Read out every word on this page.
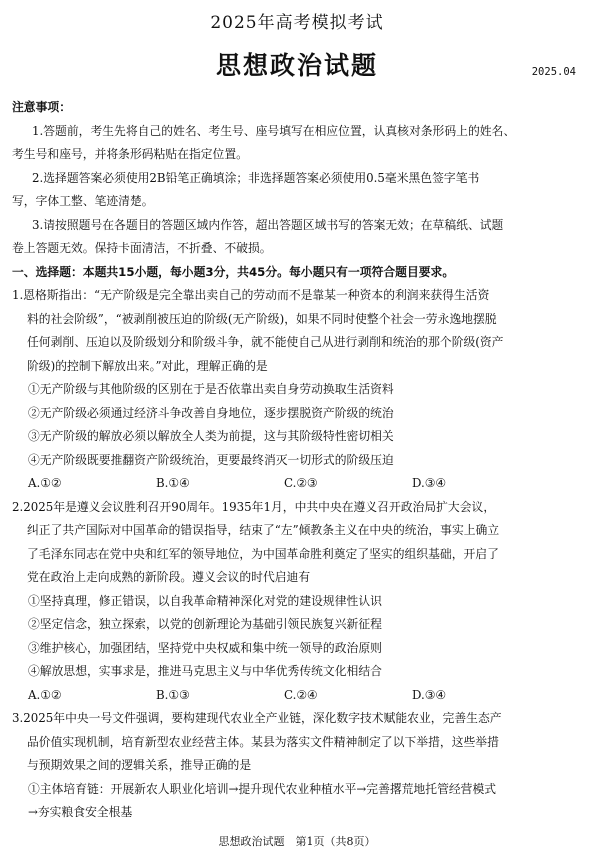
2025年高考模拟考试
思想政治试题	2025.04
注意事项：
1.答题前，考生先将自己的姓名、考生号、座号填写在相应位置，认真核对条形码上的姓名、
考生号和座号，并将条形码粘贴在指定位置。
2.选择题答案必须使用2B铅笔正确填涂；非选择题答案必须使用0.5毫米黑色签字笔书
写，字体工整、笔迹清楚。
3.请按照题号在各题目的答题区域内作答，超出答题区域书写的答案无效；在草稿纸、试题
卷上答题无效。保持卡面清洁，不折叠、不破损。
一、选择题：本题共15小题，每小题3分，共45分。每小题只有一项符合题目要求。
1.恩格斯指出：“无产阶级是完全靠出卖自己的劳动而不是靠某一种资本的利润来获得生活资
料的社会阶级”，“被剥削被压迫的阶级(无产阶级)，如果不同时使整个社会一劳永逸地摆脱
任何剥削、压迫以及阶级划分和阶级斗争，就不能使自己从进行剥削和统治的那个阶级(资产
阶级)的控制下解放出来。”对此，理解正确的是
①无产阶级与其他阶级的区别在于是否依靠出卖自身劳动换取生活资料
②无产阶级必须通过经济斗争改善自身地位，逐步摆脱资产阶级的统治
③无产阶级的解放必须以解放全人类为前提，这与其阶级特性密切相关
④无产阶级既要推翻资产阶级统治，更要最终消灭一切形式的阶级压迫
A.①②	B.①④	C.②③	D.③④
2.2025年是遵义会议胜利召开90周年。1935年1月，中共中央在遵义召开政治局扩大会议，
纠正了共产国际对中国革命的错误指导，结束了“左”倾教条主义在中央的统治，事实上确立
了毛泽东同志在党中央和红军的领导地位，为中国革命胜利奠定了坚实的组织基础，开启了
党在政治上走向成熟的新阶段。遵义会议的时代启迪有
①坚持真理，修正错误，以自我革命精神深化对党的建设规律性认识
②坚定信念，独立探索，以党的创新理论为基础引领民族复兴新征程
③维护核心，加强团结，坚持党中央权威和集中统一领导的政治原则
④解放思想，实事求是，推进马克思主义与中华优秀传统文化相结合
A.①②	B.①③	C.②④	D.③④
3.2025年中央一号文件强调，要构建现代农业全产业链，深化数字技术赋能农业，完善生态产
品价值实现机制，培育新型农业经营主体。某县为落实文件精神制定了以下举措，这些举措
与预期效果之间的逻辑关系，推导正确的是
①主体培育链：开展新农人职业化培训→提升现代农业种植水平→完善撂荒地托管经营模式
→夯实粮食安全根基
思想政治试题　第1页（共8页）
